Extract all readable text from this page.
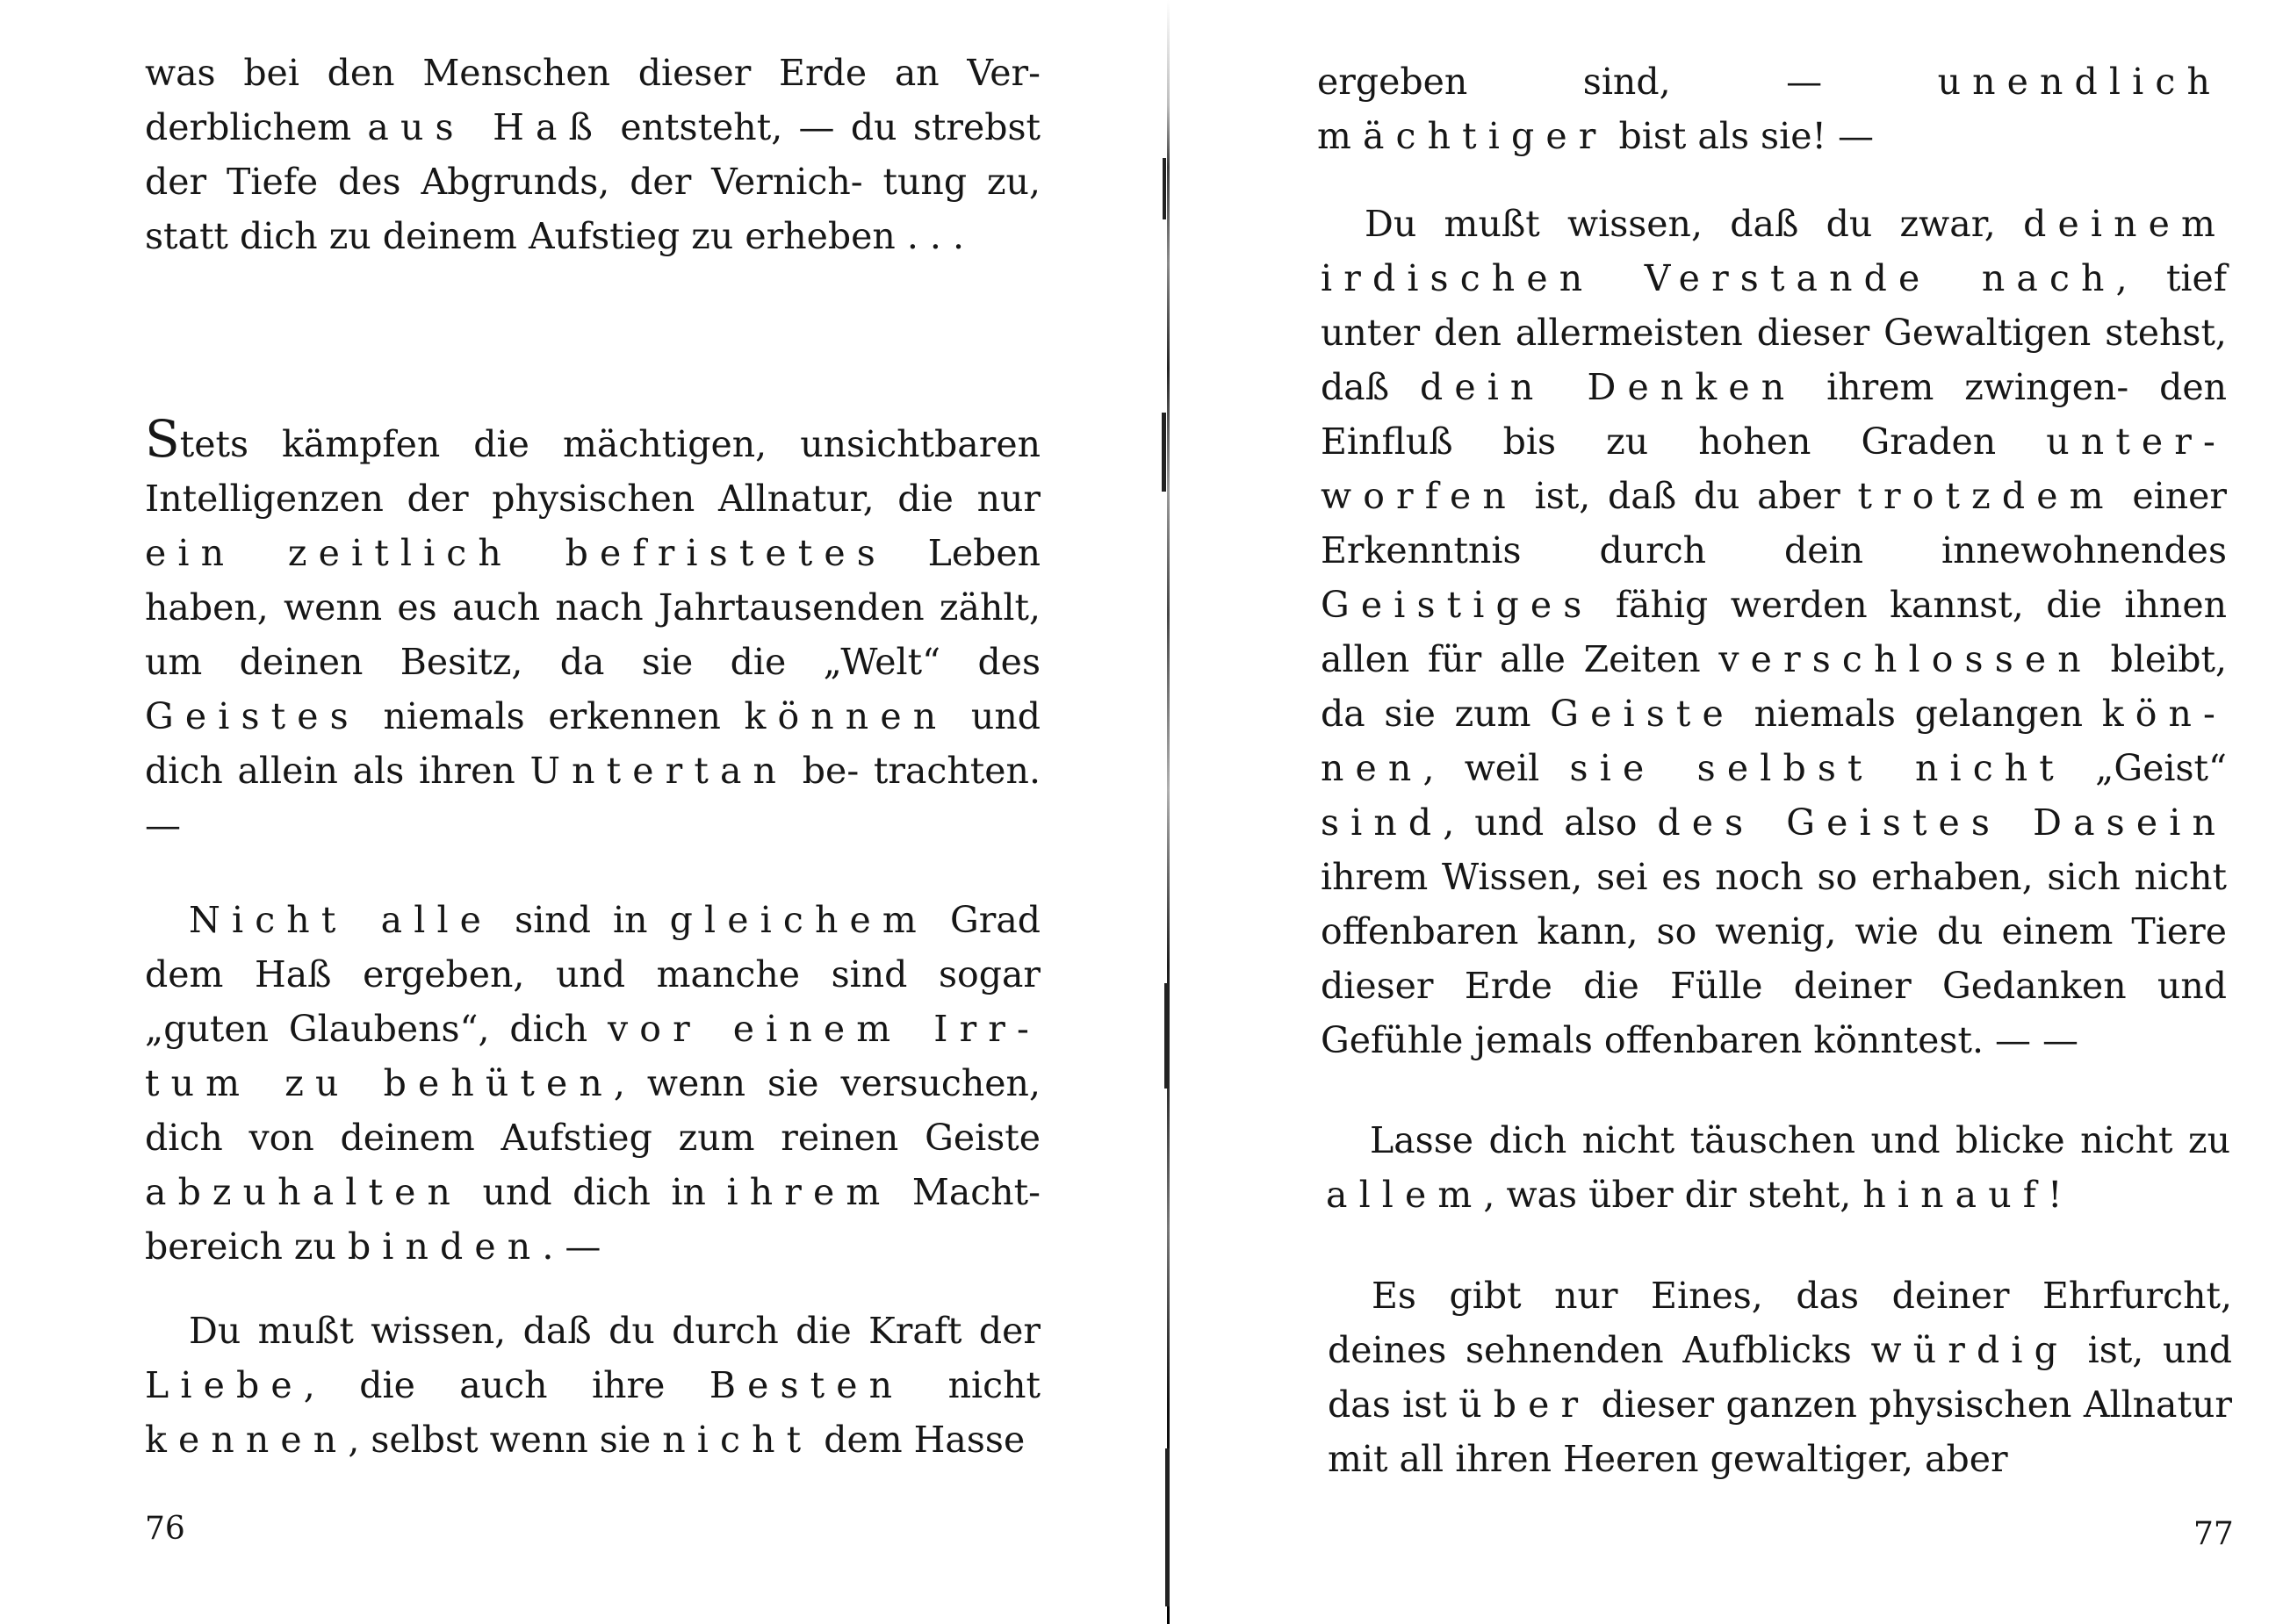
was bei den Menschen dieser Erde an Ver- derblichem aus Haß entsteht, — du strebst der Tiefe des Abgrunds, der Vernich- tung zu, statt dich zu deinem Aufstieg zu erheben . . .
Stets kämpfen die mächtigen, unsichtbaren Intelligenzen der physischen Allnatur, die nur ein zeitlich befristetes Leben haben, wenn es auch nach Jahrtausenden zählt, um deinen Besitz, da sie die „Welt“ des Geistes niemals erkennen können und dich allein als ihren Untertan be- trachten. —
Nicht alle sind in gleichem Grad dem Haß ergeben, und manche sind sogar „guten Glaubens“, dich vor einem Irr- tum zu behüten, wenn sie versuchen, dich von deinem Aufstieg zum reinen Geiste abzuhalten und dich in ihrem Macht- bereich zu binden. —
Du mußt wissen, daß du durch die Kraft der Liebe, die auch ihre Besten nicht kennen, selbst wenn sie nicht dem Hasse
76
ergeben sind, — unendlich mächtiger bist als sie! —
Du mußt wissen, daß du zwar, deinem irdischen Verstande nach, tief unter den allermeisten dieser Gewaltigen stehst, daß dein Denken ihrem zwingen- den Einfluß bis zu hohen Graden unter- worfen ist, daß du aber trotzdem einer Erkenntnis durch dein innewohnendes Geistiges fähig werden kannst, die ihnen allen für alle Zeiten verschlossen bleibt, da sie zum Geiste niemals gelangen kön- nen, weil sie selbst nicht „Geist“ sind, und also des Geistes Dasein ihrem Wissen, sei es noch so erhaben, sich nicht offenbaren kann, so wenig, wie du einem Tiere dieser Erde die Fülle deiner Gedanken und Gefühle jemals offenbaren könntest. — —
Lasse dich nicht täuschen und blicke nicht zu allem, was über dir steht, hinauf!
Es gibt nur Eines, das deiner Ehrfurcht, deines sehnenden Aufblicks würdig ist, und das ist über dieser ganzen physischen Allnatur mit all ihren Heeren gewaltiger, aber
77
